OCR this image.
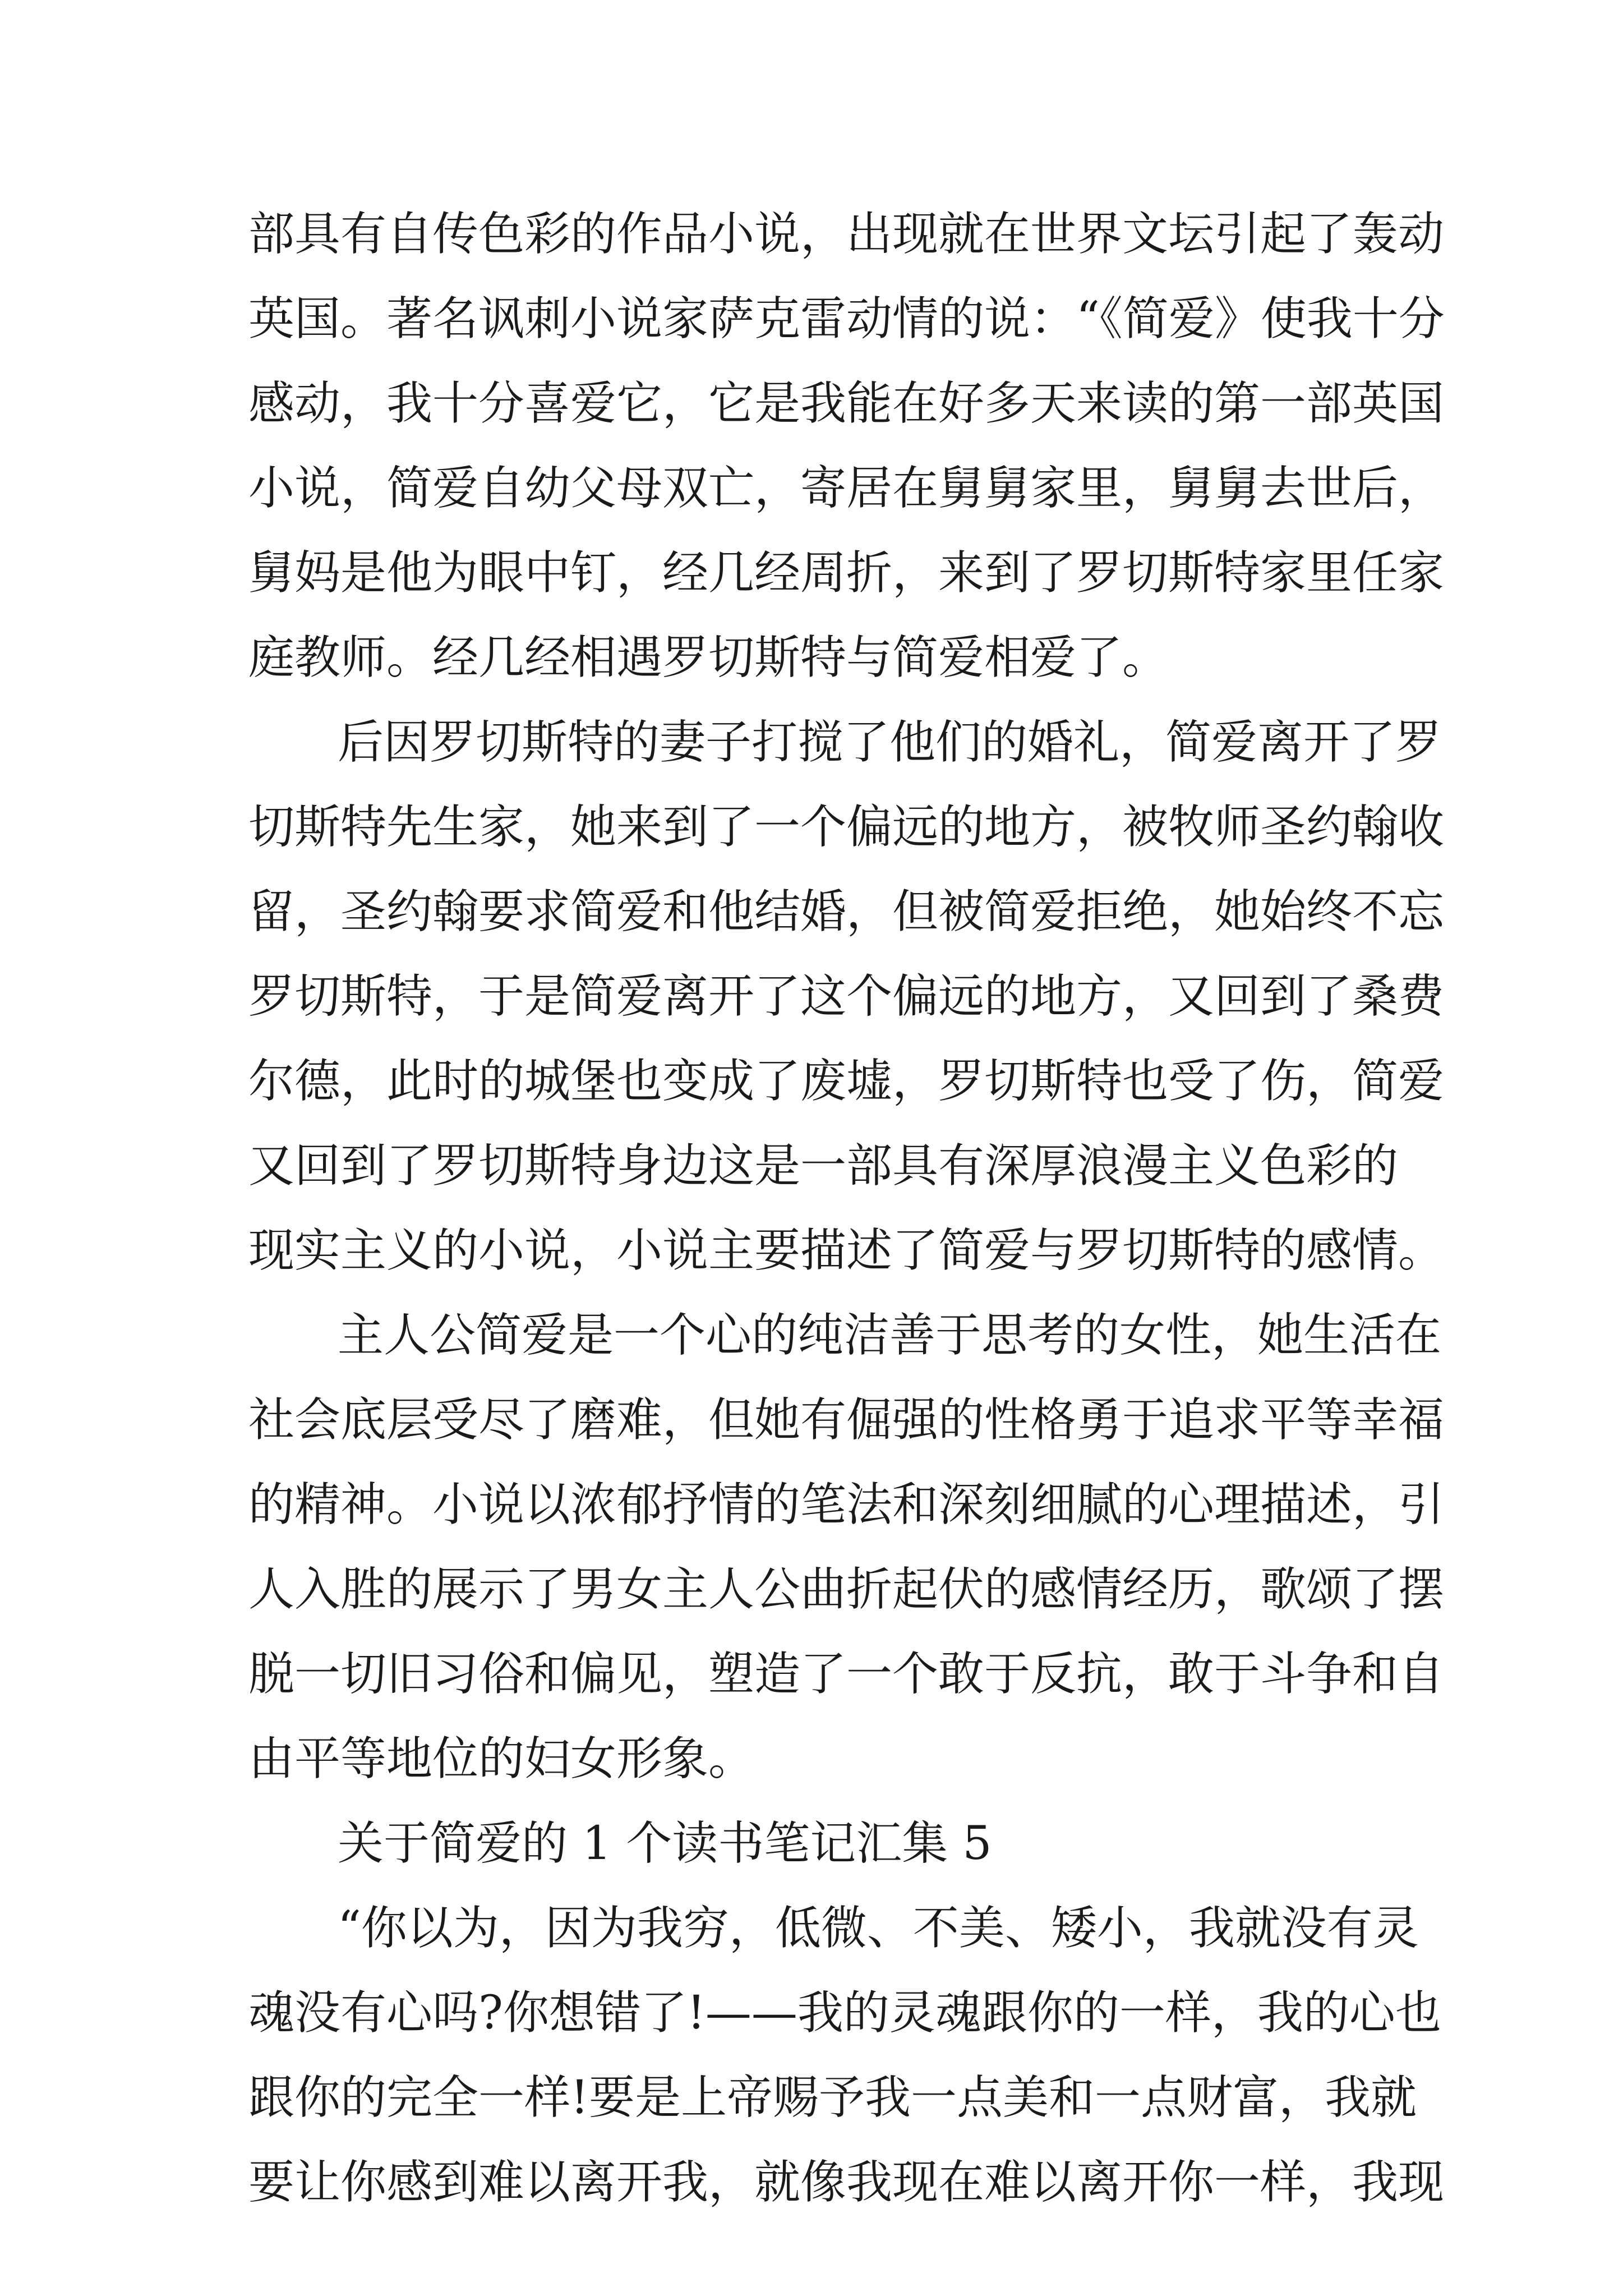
部具有自传色彩的作品小说，出现就在世界文坛引起了轰动
英国。著名讽刺小说家萨克雷动情的说：“《简爱》使我十分
感动，我十分喜爱它，它是我能在好多天来读的第一部英国
小说，简爱自幼父母双亡，寄居在舅舅家里，舅舅去世后，
舅妈是他为眼中钉，经几经周折，来到了罗切斯特家里任家
庭教师。经几经相遇罗切斯特与简爱相爱了。
后因罗切斯特的妻子打搅了他们的婚礼，简爱离开了罗
切斯特先生家，她来到了一个偏远的地方，被牧师圣约翰收
留，圣约翰要求简爱和他结婚，但被简爱拒绝，她始终不忘
罗切斯特，于是简爱离开了这个偏远的地方，又回到了桑费
尔德，此时的城堡也变成了废墟，罗切斯特也受了伤，简爱
又回到了罗切斯特身边这是一部具有深厚浪漫主义色彩的
现实主义的小说，小说主要描述了简爱与罗切斯特的感情。
主人公简爱是一个心的纯洁善于思考的女性，她生活在
社会底层受尽了磨难，但她有倔强的性格勇于追求平等幸福
的精神。小说以浓郁抒情的笔法和深刻细腻的心理描述，引
人入胜的展示了男女主人公曲折起伏的感情经历，歌颂了摆
脱一切旧习俗和偏见，塑造了一个敢于反抗，敢于斗争和自
由平等地位的妇女形象。
关于简爱的 1 个读书笔记汇集 5
“你以为，因为我穷，低微、不美、矮小，我就没有灵
魂没有心吗?你想错了!——我的灵魂跟你的一样，我的心也
跟你的完全一样!要是上帝赐予我一点美和一点财富，我就
要让你感到难以离开我，就像我现在难以离开你一样，我现
